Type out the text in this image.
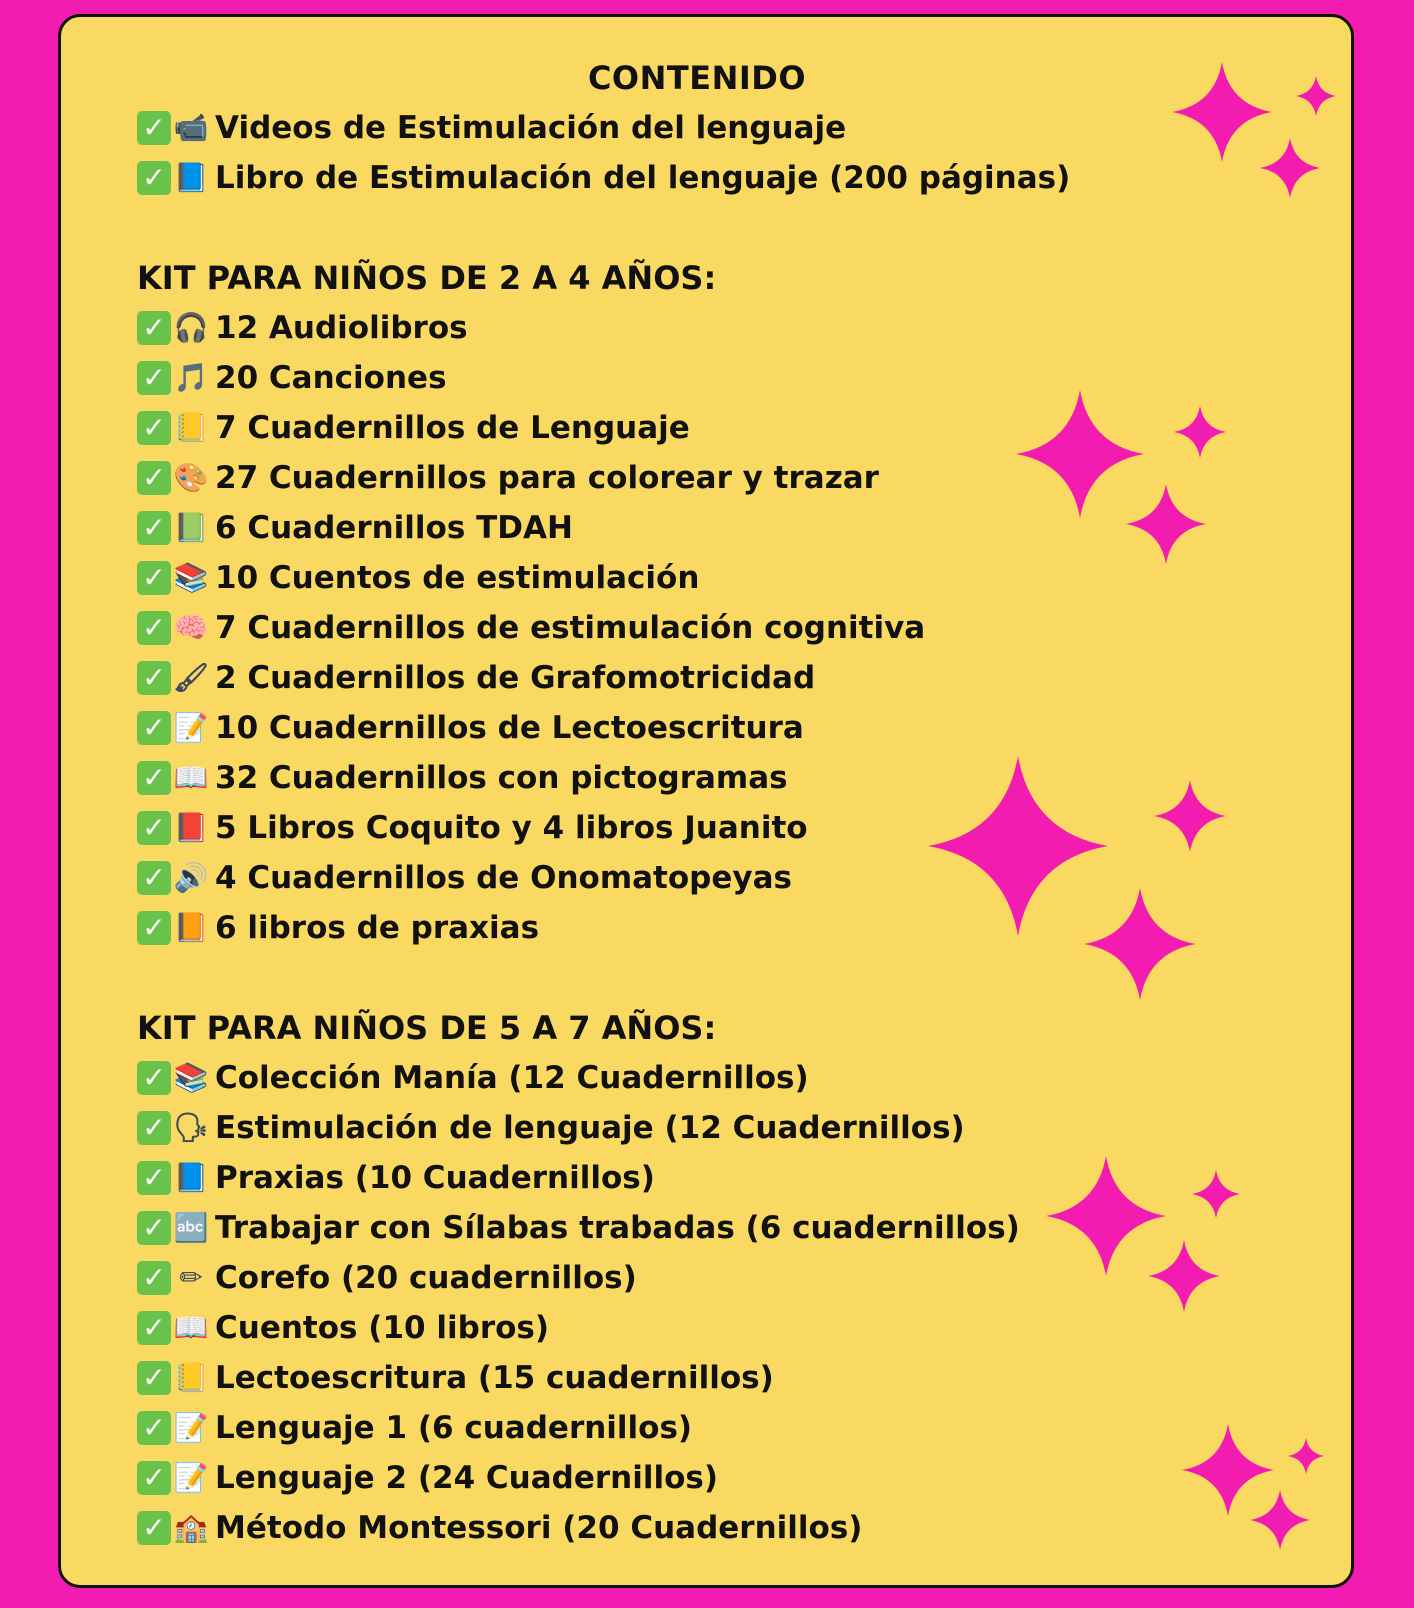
CONTENIDO
✓ 📹 Videos de Estimulación del lenguaje
✓ 📘 Libro de Estimulación del lenguaje (200 páginas)
KIT PARA NIÑOS DE 2 A 4 AÑOS:
✓ 🎧 12 Audiolibros
✓ 🎵 20 Canciones
✓ 📒 7 Cuadernillos de Lenguaje
✓ 🎨 27 Cuadernillos para colorear y trazar
✓ 📗 6 Cuadernillos TDAH
✓ 📚 10 Cuentos de estimulación
✓ 🧠 7 Cuadernillos de estimulación cognitiva
✓ 🖌 2 Cuadernillos de Grafomotricidad
✓ 📝 10 Cuadernillos de Lectoescritura
✓ 📖 32 Cuadernillos con pictogramas
✓ 📕 5 Libros Coquito y 4 libros Juanito
✓ 🔊 4 Cuadernillos de Onomatopeyas
✓ 📙 6 libros de praxias
KIT PARA NIÑOS DE 5 A 7 AÑOS:
✓ 📚 Colección Manía (12 Cuadernillos)
✓ 🗣 Estimulación de lenguaje (12 Cuadernillos)
✓ 📘 Praxias (10 Cuadernillos)
✓ 🔤 Trabajar con Sílabas trabadas (6 cuadernillos)
✓ ✏ Corefo (20 cuadernillos)
✓ 📖 Cuentos (10 libros)
✓ 📒 Lectoescritura (15 cuadernillos)
✓ 📝 Lenguaje 1 (6 cuadernillos)
✓ 📝 Lenguaje 2 (24 Cuadernillos)
✓ 🏫 Método Montessori (20 Cuadernillos)
